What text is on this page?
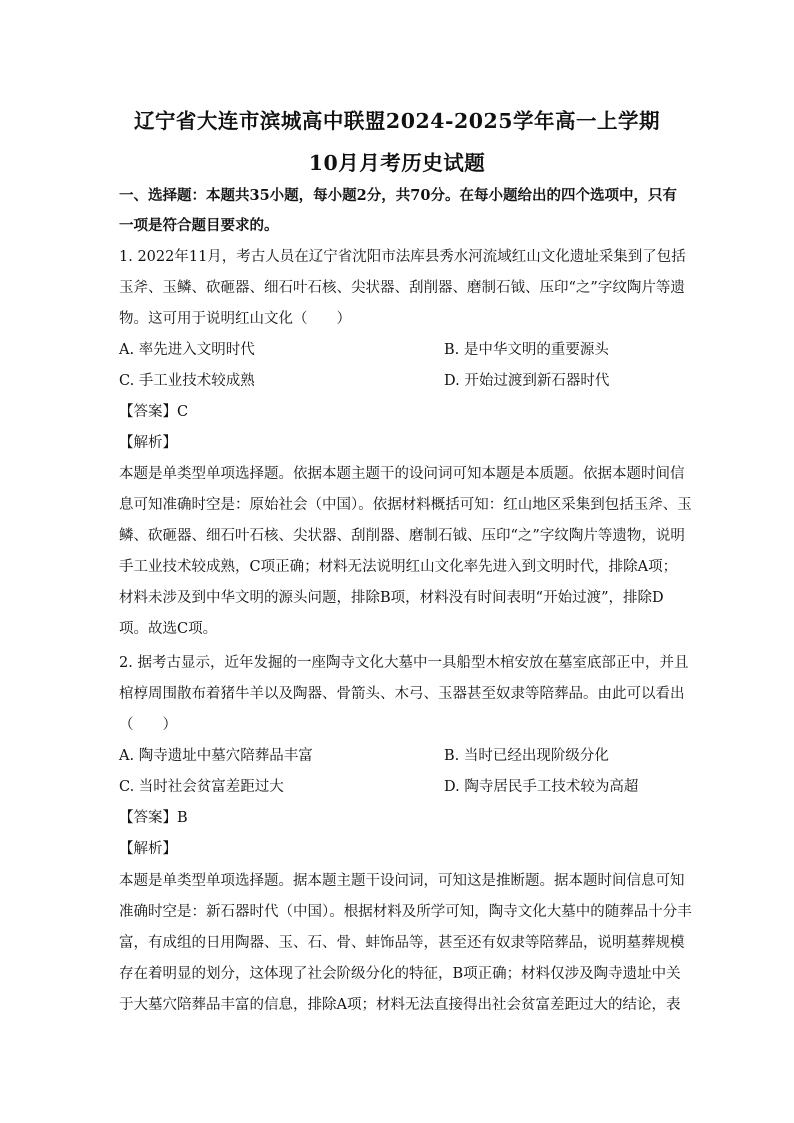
辽宁省大连市滨城高中联盟2024-2025学年高一上学期
10月月考历史试题
一、选择题：本题共35小题，每小题2分，共70分。在每小题给出的四个选项中，只有
一项是符合题目要求的。
1. 2022年11月，考古人员在辽宁省沈阳市法库县秀水河流域红山文化遗址采集到了包括
玉斧、玉鳞、砍砸器、细石叶石核、尖状器、刮削器、磨制石钺、压印“之”字纹陶片等遗
物。这可用于说明红山文化（　　）
A. 率先进入文明时代	B. 是中华文明的重要源头
C. 手工业技术较成熟	D. 开始过渡到新石器时代
【答案】C
【解析】
本题是单类型单项选择题。依据本题主题干的设问词可知本题是本质题。依据本题时间信
息可知准确时空是：原始社会（中国）。依据材料概括可知：红山地区采集到包括玉斧、玉
鳞、砍砸器、细石叶石核、尖状器、刮削器、磨制石钺、压印“之”字纹陶片等遗物，说明
手工业技术较成熟，C项正确；材料无法说明红山文化率先进入到文明时代，排除A项；
材料未涉及到中华文明的源头问题，排除B项，材料没有时间表明“开始过渡”，排除D
项。故选C项。
2. 据考古显示，近年发掘的一座陶寺文化大墓中一具船型木棺安放在墓室底部正中，并且
棺椁周围散布着猪牛羊以及陶器、骨箭头、木弓、玉器甚至奴隶等陪葬品。由此可以看出
（　　）
A. 陶寺遗址中墓穴陪葬品丰富	B. 当时已经出现阶级分化
C. 当时社会贫富差距过大	D. 陶寺居民手工技术较为高超
【答案】B
【解析】
本题是单类型单项选择题。据本题主题干设问词，可知这是推断题。据本题时间信息可知
准确时空是：新石器时代（中国）。根据材料及所学可知，陶寺文化大墓中的随葬品十分丰
富，有成组的日用陶器、玉、石、骨、蚌饰品等，甚至还有奴隶等陪葬品，说明墓葬规模
存在着明显的划分，这体现了社会阶级分化的特征，B项正确；材料仅涉及陶寺遗址中关
于大墓穴陪葬品丰富的信息，排除A项；材料无法直接得出社会贫富差距过大的结论，表
